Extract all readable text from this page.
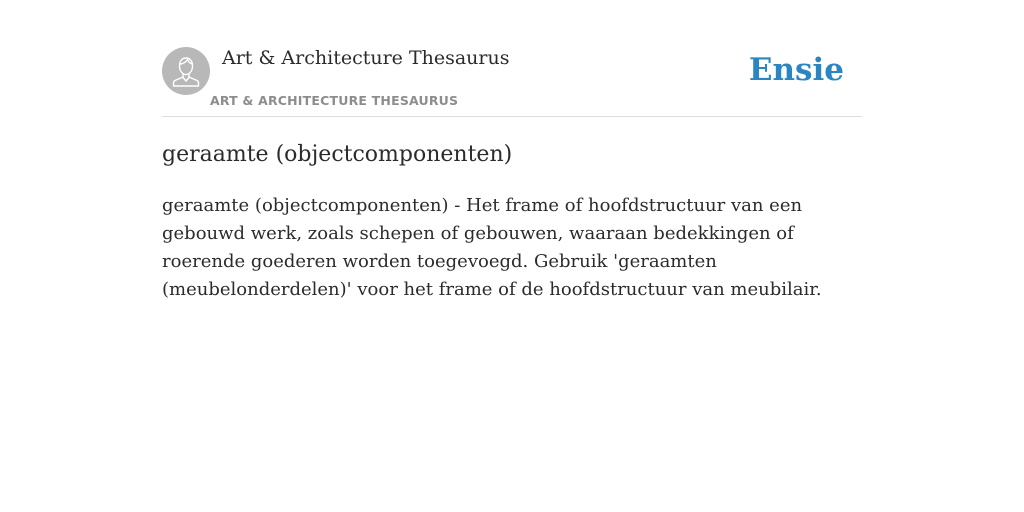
Art & Architecture Thesaurus
ART & ARCHITECTURE THESAURUS
Ensie
geraamte (objectcomponenten)

geraamte (objectcomponenten) - Het frame of hoofdstructuur van een gebouwd werk, zoals schepen of gebouwen, waaraan bedekkingen of roerende goederen worden toegevoegd. Gebruik 'geraamten (meubelonderdelen)' voor het frame of de hoofdstructuur van meubilair.
